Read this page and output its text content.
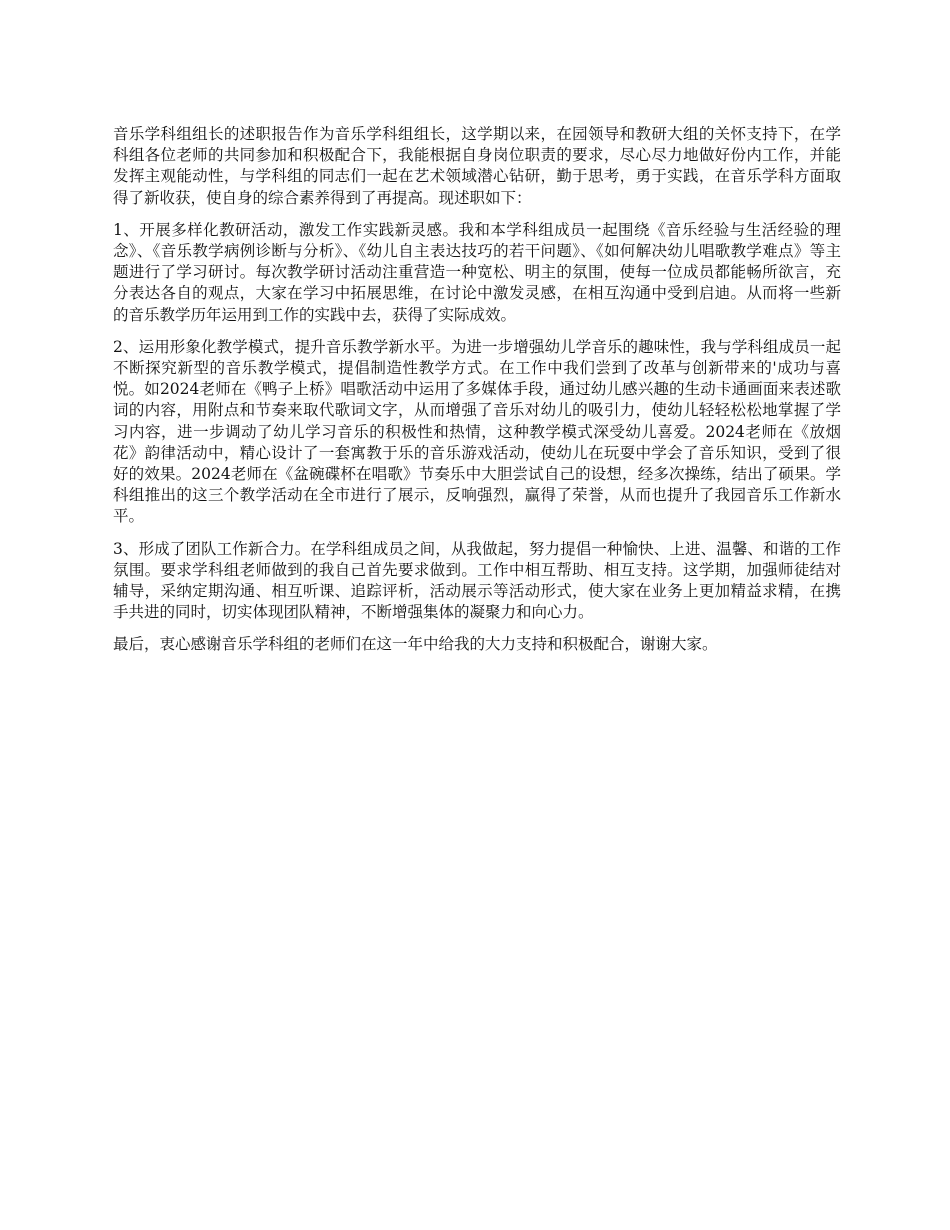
音乐学科组组长的述职报告作为音乐学科组组长，这学期以来，在园领导和教研大组的关怀支持下，在学科组各位老师的共同参加和积极配合下，我能根据自身岗位职责的要求，尽心尽力地做好份内工作，并能发挥主观能动性，与学科组的同志们一起在艺术领域潜心钻研，勤于思考，勇于实践，在音乐学科方面取得了新收获，使自身的综合素养得到了再提高。现述职如下：

1、开展多样化教研活动，激发工作实践新灵感。我和本学科组成员一起围绕《音乐经验与生活经验的理念》、《音乐教学病例诊断与分析》、《幼儿自主表达技巧的若干问题》、《如何解决幼儿唱歌教学难点》等主题进行了学习研讨。每次教学研讨活动注重营造一种宽松、明主的氛围，使每一位成员都能畅所欲言，充分表达各自的观点，大家在学习中拓展思维，在讨论中激发灵感，在相互沟通中受到启迪。从而将一些新的音乐教学历年运用到工作的实践中去，获得了实际成效。

2、运用形象化教学模式，提升音乐教学新水平。为进一步增强幼儿学音乐的趣味性，我与学科组成员一起不断探究新型的音乐教学模式，提倡制造性教学方式。在工作中我们尝到了改革与创新带来的'成功与喜悦。如2024老师在《鸭子上桥》唱歌活动中运用了多媒体手段，通过幼儿感兴趣的生动卡通画面来表述歌词的内容，用附点和节奏来取代歌词文字，从而增强了音乐对幼儿的吸引力，使幼儿轻轻松松地掌握了学习内容，进一步调动了幼儿学习音乐的积极性和热情，这种教学模式深受幼儿喜爱。2024老师在《放烟花》韵律活动中，精心设计了一套寓教于乐的音乐游戏活动，使幼儿在玩耍中学会了音乐知识，受到了很好的效果。2024老师在《盆碗碟杯在唱歌》节奏乐中大胆尝试自己的设想，经多次操练，结出了硕果。学科组推出的这三个教学活动在全市进行了展示，反响强烈，赢得了荣誉，从而也提升了我园音乐工作新水平。

3、形成了团队工作新合力。在学科组成员之间，从我做起，努力提倡一种愉快、上进、温馨、和谐的工作氛围。要求学科组老师做到的我自己首先要求做到。工作中相互帮助、相互支持。这学期，加强师徒结对辅导，采纳定期沟通、相互听课、追踪评析，活动展示等活动形式，使大家在业务上更加精益求精，在携手共进的同时，切实体现团队精神，不断增强集体的凝聚力和向心力。

最后，衷心感谢音乐学科组的老师们在这一年中给我的大力支持和积极配合，谢谢大家。
